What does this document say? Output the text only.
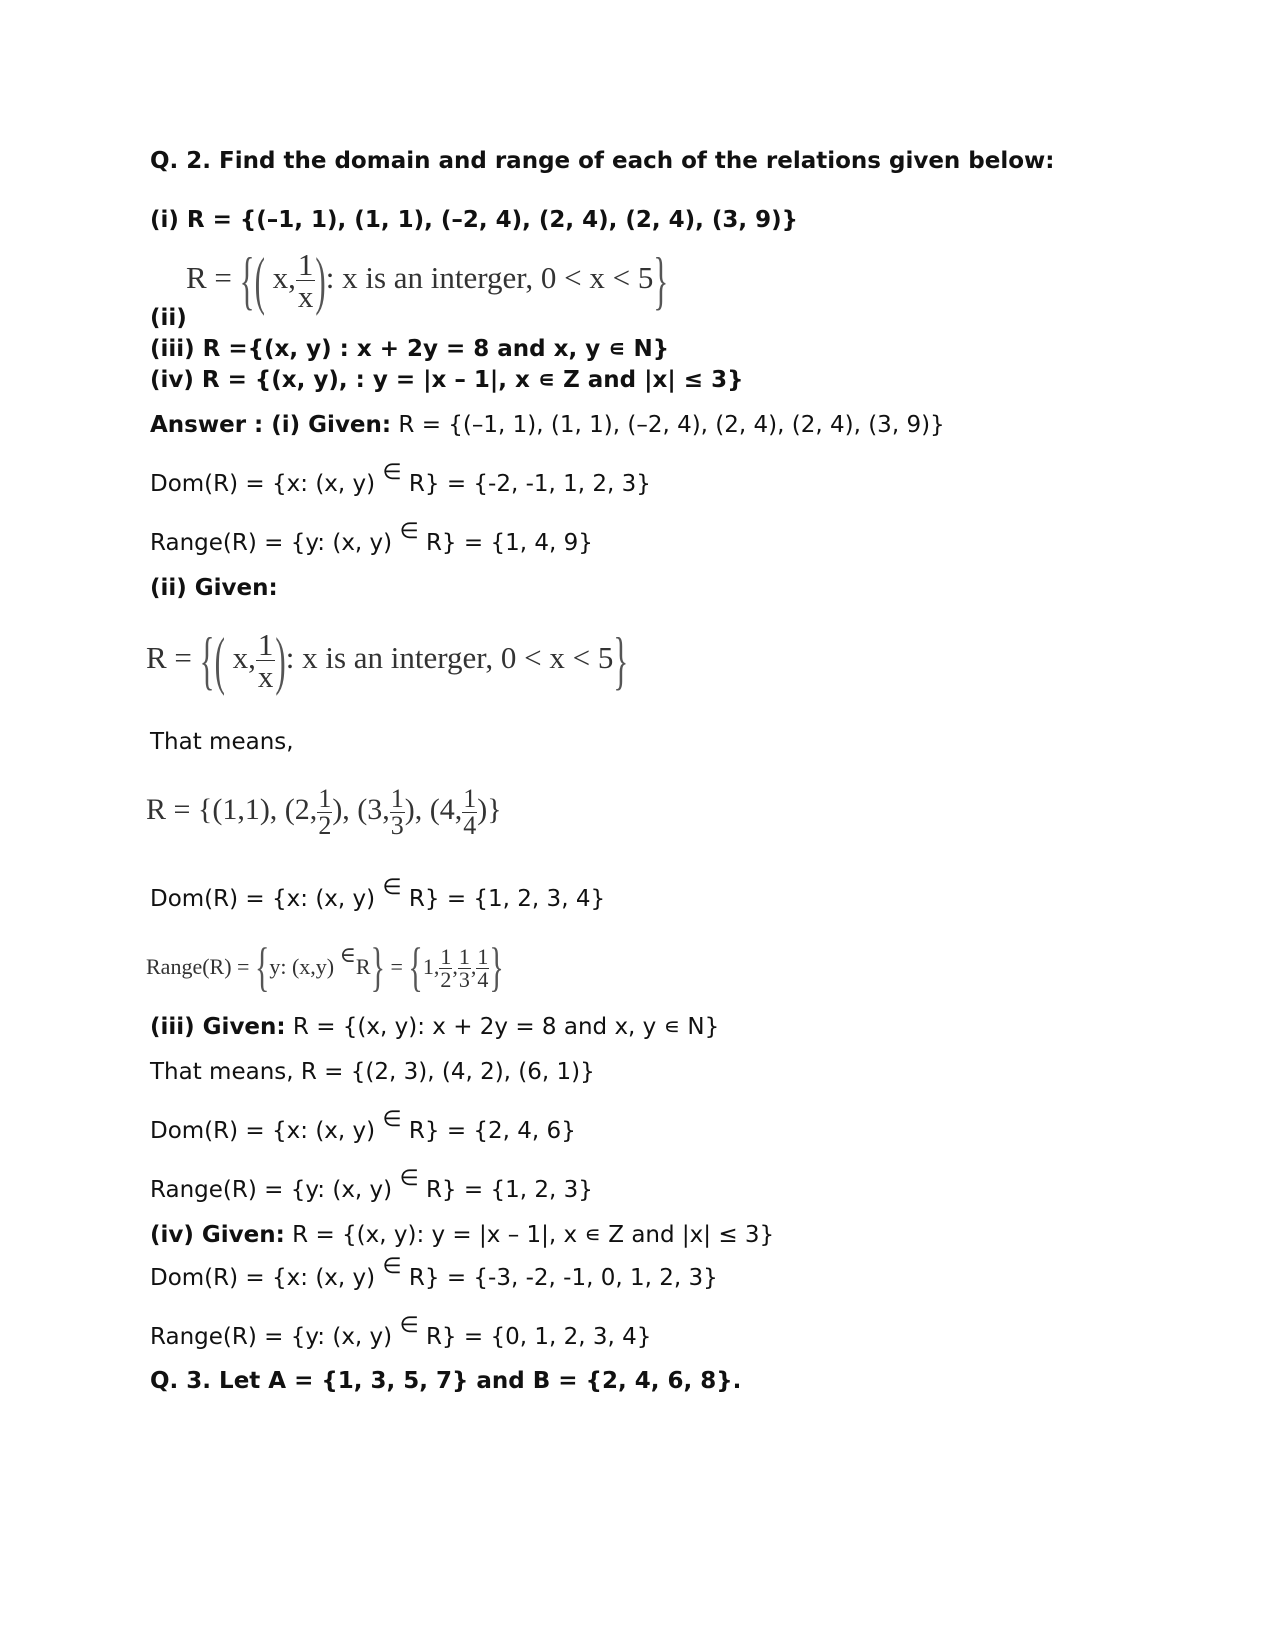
Q. 2. Find the domain and range of each of the relations given below:
(i) R = {(–1, 1), (1, 1), (–2, 4), (2, 4), (2, 4), (3, 9)}
R = {( x, $\frac{1}{x}$ ): x is an interger, 0 < x < 5}
(ii)
(iii) R ={(x, y) : x + 2y = 8 and x, y ∊ N}
(iv) R = {(x, y), : y = |x – 1|, x ∊ Z and |x| ≤ 3}
Answer : (i) Given: R = {(–1, 1), (1, 1), (–2, 4), (2, 4), (2, 4), (3, 9)}
Dom(R) = {x: (x, y) ∈ R} = {-2, -1, 1, 2, 3}
Range(R) = {y: (x, y) ∈ R} = {1, 4, 9}
(ii) Given:
R = {( x, $\frac{1}{x}$ ): x is an interger, 0 < x < 5}
That means,
R = {(1,1), (2, $\frac{1}{2}$ ), (3, $\frac{1}{3}$ ), (4, $\frac{1}{4}$ )}
Dom(R) = {x: (x, y) ∈ R} = {1, 2, 3, 4}
Range(R) = {y: (x,y) ∈R} = {1, $\frac{1}{2}$ , $\frac{1}{3}$ , $\frac{1}{4}$ }
(iii) Given: R = {(x, y): x + 2y = 8 and x, y ∊ N}
That means, R = {(2, 3), (4, 2), (6, 1)}
Dom(R) = {x: (x, y) ∈ R} = {2, 4, 6}
Range(R) = {y: (x, y) ∈ R} = {1, 2, 3}
(iv) Given: R = {(x, y): y = |x – 1|, x ∊ Z and |x| ≤ 3}
Dom(R) = {x: (x, y) ∈ R} = {-3, -2, -1, 0, 1, 2, 3}
Range(R) = {y: (x, y) ∈ R} = {0, 1, 2, 3, 4}
Q. 3. Let A = {1, 3, 5, 7} and B = {2, 4, 6, 8}.
